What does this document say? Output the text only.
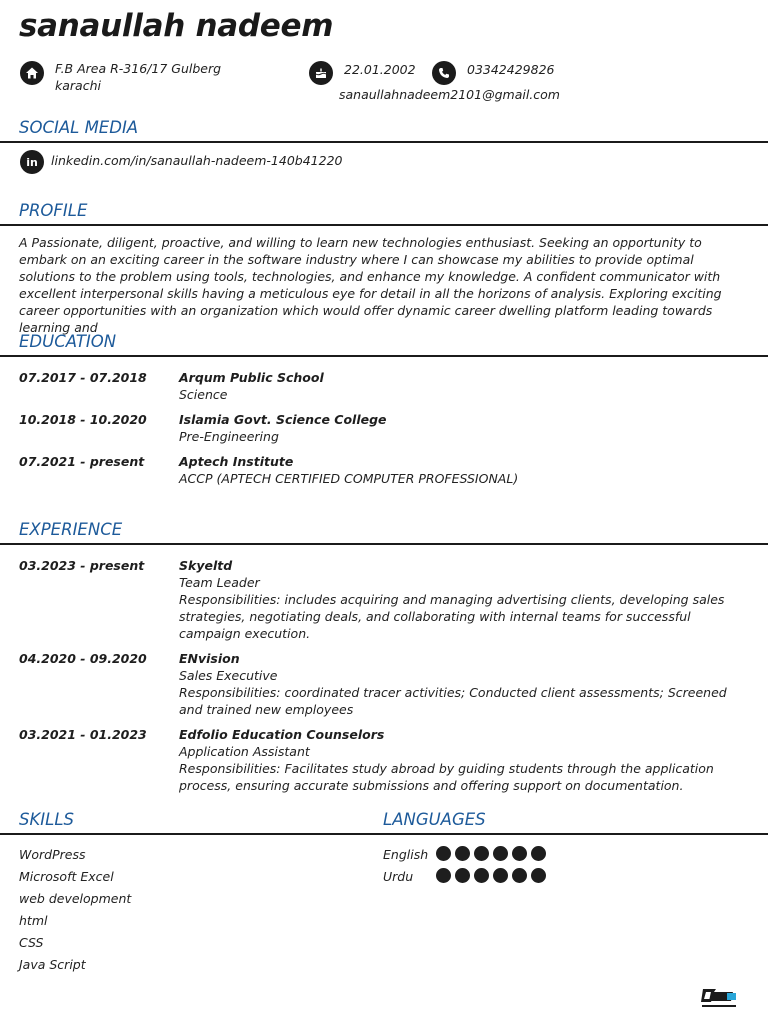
sanaullah nadeem
F.B Area R-316/17 Gulberg
karachi
22.01.2002	03342429826
sanaullahnadeem2101@gmail.com
SOCIAL MEDIA
in	linkedin.com/in/sanaullah-nadeem-140b41220
PROFILE
A Passionate, diligent, proactive, and willing to learn new technologies enthusiast. Seeking an opportunity to embark on an exciting career in the software industry where I can showcase my abilities to provide optimal solutions to the problem using tools, technologies, and enhance my knowledge. A confident communicator with excellent interpersonal skills having a meticulous eye for detail in all the horizons of analysis. Exploring exciting career opportunities with an organization which would offer dynamic career dwelling platform leading towards learning and
EDUCATION
07.2017 - 07.2018	Arqum Public School
Science
10.2018 - 10.2020	Islamia Govt. Science College
Pre-Engineering
07.2021 - present	Aptech Institute
ACCP (APTECH CERTIFIED COMPUTER PROFESSIONAL)
EXPERIENCE
03.2023 - present	Skyeltd
Team Leader
Responsibilities: includes acquiring and managing advertising clients, developing sales strategies, negotiating deals, and collaborating with internal teams for successful campaign execution.
04.2020 - 09.2020	ENvision
Sales Executive
Responsibilities: coordinated tracer activities; Conducted client assessments; Screened and trained new employees
03.2021 - 01.2023	Edfolio Education Counselors
Application Assistant
Responsibilities: Facilitates study abroad by guiding students through the application process, ensuring accurate submissions and offering support on documentation.
SKILLS
WordPress
Microsoft Excel
web development
html
CSS
Java Script
LANGUAGES
English
Urdu
